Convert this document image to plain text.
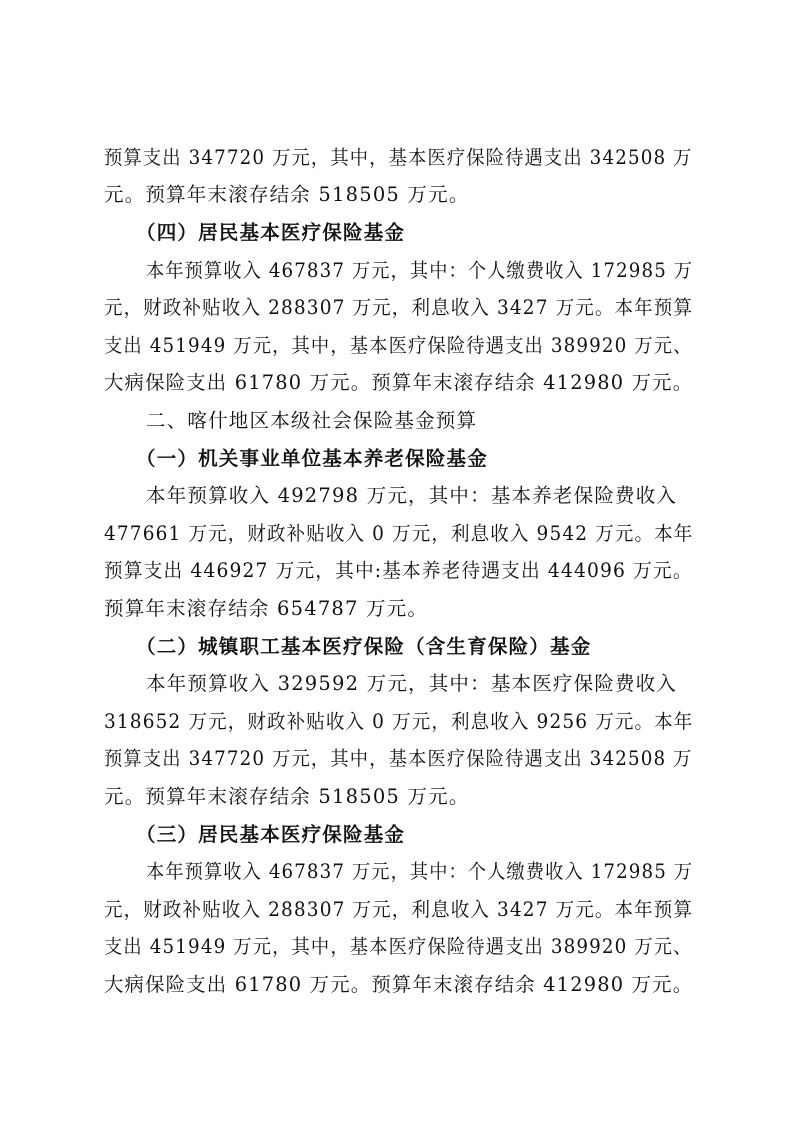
预算支出 347720 万元，其中，基本医疗保险待遇支出 342508 万
元。预算年末滚存结余 518505 万元。
（四）居民基本医疗保险基金
本年预算收入 467837 万元，其中：个人缴费收入 172985 万
元，财政补贴收入 288307 万元，利息收入 3427 万元。本年预算
支出 451949 万元，其中，基本医疗保险待遇支出 389920 万元、
大病保险支出 61780 万元。预算年末滚存结余 412980 万元。
二、喀什地区本级社会保险基金预算
（一）机关事业单位基本养老保险基金
本年预算收入 492798 万元，其中：基本养老保险费收入
477661 万元，财政补贴收入 0 万元，利息收入 9542 万元。本年
预算支出 446927 万元，其中:基本养老待遇支出 444096 万元。
预算年末滚存结余 654787 万元。
（二）城镇职工基本医疗保险（含生育保险）基金
本年预算收入 329592 万元，其中：基本医疗保险费收入
318652 万元，财政补贴收入 0 万元，利息收入 9256 万元。本年
预算支出 347720 万元，其中，基本医疗保险待遇支出 342508 万
元。预算年末滚存结余 518505 万元。
（三）居民基本医疗保险基金
本年预算收入 467837 万元，其中：个人缴费收入 172985 万
元，财政补贴收入 288307 万元，利息收入 3427 万元。本年预算
支出 451949 万元，其中，基本医疗保险待遇支出 389920 万元、
大病保险支出 61780 万元。预算年末滚存结余 412980 万元。
